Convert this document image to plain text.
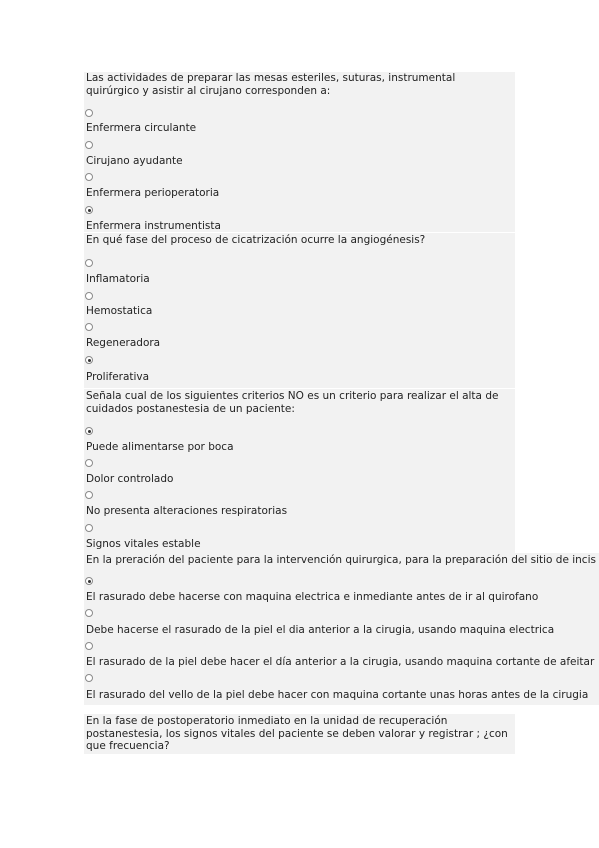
Las actividades de preparar las mesas esteriles, suturas, instrumental
quirúrgico y asistir al cirujano corresponden a:

Enfermera circulante
Cirujano ayudante
Enfermera perioperatoria
Enfermera instrumentista

En qué fase del proceso de cicatrización ocurre la angiogénesis?

Inflamatoria
Hemostatica
Regeneradora
Proliferativa

Señala cual de los siguientes criterios NO es un criterio para realizar el alta de
cuidados postanestesia de un paciente:

Puede alimentarse por boca
Dolor controlado
No presenta alteraciones respiratorias
Signos vitales estable

En la preración del paciente para la intervención quirurgica, para la preparación del sitio de incis

El rasurado debe hacerse con maquina electrica e inmediante antes de ir al quirofano
Debe hacerse el rasurado de la piel el dia anterior a la cirugia, usando maquina electrica
El rasurado de la piel debe hacer el día anterior a la cirugia, usando maquina cortante de afeitar
El rasurado del vello de la piel debe hacer con maquina cortante unas horas antes de la cirugia

En la fase de postoperatorio inmediato en la unidad de recuperación
postanestesia, los signos vitales del paciente se deben valorar y registrar ; ¿con
que frecuencia?
